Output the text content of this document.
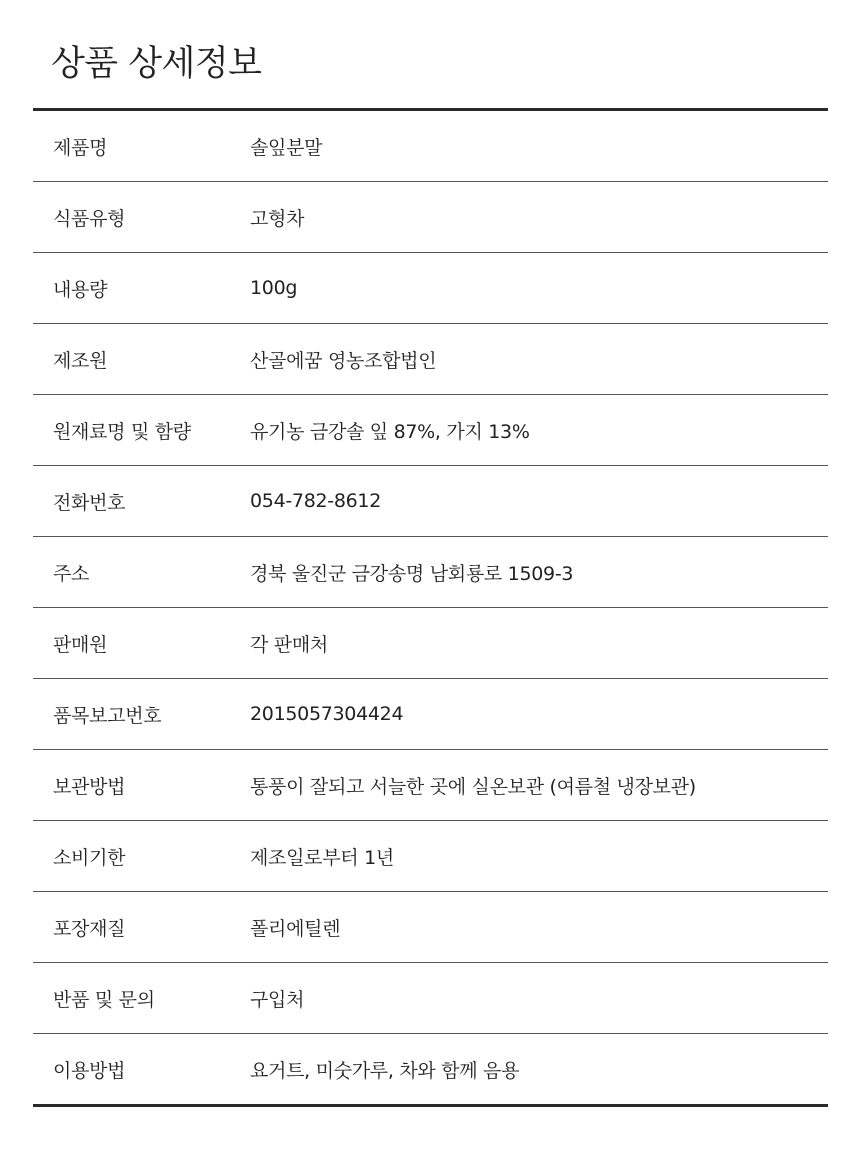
상품 상세정보
제품명	솔잎분말
식품유형	고형차
내용량	100g
제조원	산골에꿈 영농조합법인
원재료명 및 함량	유기농 금강솔 잎 87%, 가지 13%
전화번호	054-782-8612
주소	경북 울진군 금강송명 남회룡로 1509-3
판매원	각 판매처
품목보고번호	2015057304424
보관방법	통풍이 잘되고 서늘한 곳에 실온보관 (여름철 냉장보관)
소비기한	제조일로부터 1년
포장재질	폴리에틸렌
반품 및 문의	구입처
이용방법	요거트, 미숫가루, 차와 함께 음용
